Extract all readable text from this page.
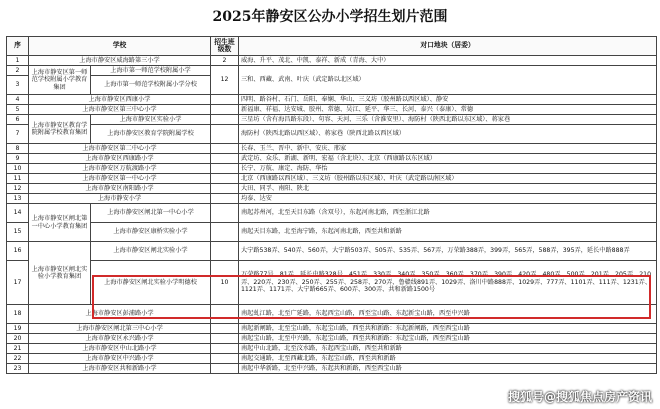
2025年静安区公办小学招生划片范围
序	学校		招生班级数	对口地块（居委）
1	上海市静安区威海路第三小学		2	威海、升平、茂北、中凯、泰祥、新成（青海、大中）
2	上海市静安区第一师范学校附属小学教育集团	上海市第一师范学校附属小学	12	三和、西藏、武南、叶庆（武定路以北区域）
3		上海市第一师范学校附属小学分校		
4	上海市静安区西康小学			四明、路谷村、石门、岳阳、奉娴、华山、三义坊（胶州路以西区域）、静安
5	上海市静安区第三中心小学			新福康、祥福、达安城、胶州、常德、吴江、延平、华三、长河、泰兴（泰康）、常德
6	上海市静安区教育学院附属学校教育集团	上海市静安区实验小学		三星坊（含有海昌路东段）、句容、天河、三乐（含淮安里）、海防村（陕西北路以东区域）、蒋家巷
7		上海市静安区教育学院附属学校		海防村（陕西北路以西区域）、蒋家巷（陕西北路以西区域）
8	上海市静安区第二中心小学			长春、玉兰、晋中、新中、安庆、邢家
9	上海市静安区西康路小学			武定坊、众乐、新湖、新明、宏福（含北块）、北京（西康路以东区域）
10	上海市静安区万航渡路小学			长宁、万航、康定、海防、华怡
11	上海市静安区第一中心小学			北京（西康路以西区域）、三义坊（胶州路以东区域）、叶庆（武定路以南区域）
12	上海市静安区南阳路小学			大田、同孚、南阳、陕北
13	上海市静安小学			均泰、达安
14	上海市静安区闸北第一中心小学教育集团	上海市静安区闸北第一中心小学		南起苏州河，北至天目东路（含双号），东起河南北路，西至浙江北路
15		上海市静安区康桥实验小学		南起天目东路，北至海宁路，东起河南北路，西至共和新路
16	上海市静安区闸北实验小学教育集团	上海市静安区闸北实验小学		大宁路538弄、540弄、560弄，大宁路503弄、505弄、535弄、567弄，万荣路388弄，399弄，565弄，588弄，395弄，延长中路888弄
17		上海市静安区闸北实验小学明德校	10	万荣路77号、81弄、延长中路328号、451弄、330弄、340弄、350弄、360弄、370弄、390弄、420弄、480弄、500弄、201弄、205弄、210弄、220弄、230弄、250弄、255弄、258弄、270弄、鲁赣线891弄、1029弄、洛川中路888弄、1029弄、777弄、1101弄、111弄、1231弄、1121弄、1171弄、大宁路665弄、600弄、300弄、共和新路1500号
18	上海市静安区彭浦路小学			南起虬江路，北至广延路，东起西宝山路，西至宝山路、东起新宝山路，西至中兴路
19	上海市静安区闸北第三中心小学			南起新闸路，北至宝山路，东起宝山路，西至共和新路：东起新闸路，西至西宝山路
20	上海市静安区永兴路小学			南起宝山路，北至中兴路，东起宝山路，西至共和新路：东起宝山路，西至西宝山路
21	上海市静安区中山北路小学			南起中山北路，北至汶水路，东起西宝山路，西至共和新路
22	上海市静安区中兴路小学			南起交通路，北至西藏北路，东起宝山路，西至共和新路
23	上海市静安区共和新路小学			南起中华新路，北至中兴路，东起共和新路，西至西宝山路
搜狐号@搜狐焦点房产资讯
